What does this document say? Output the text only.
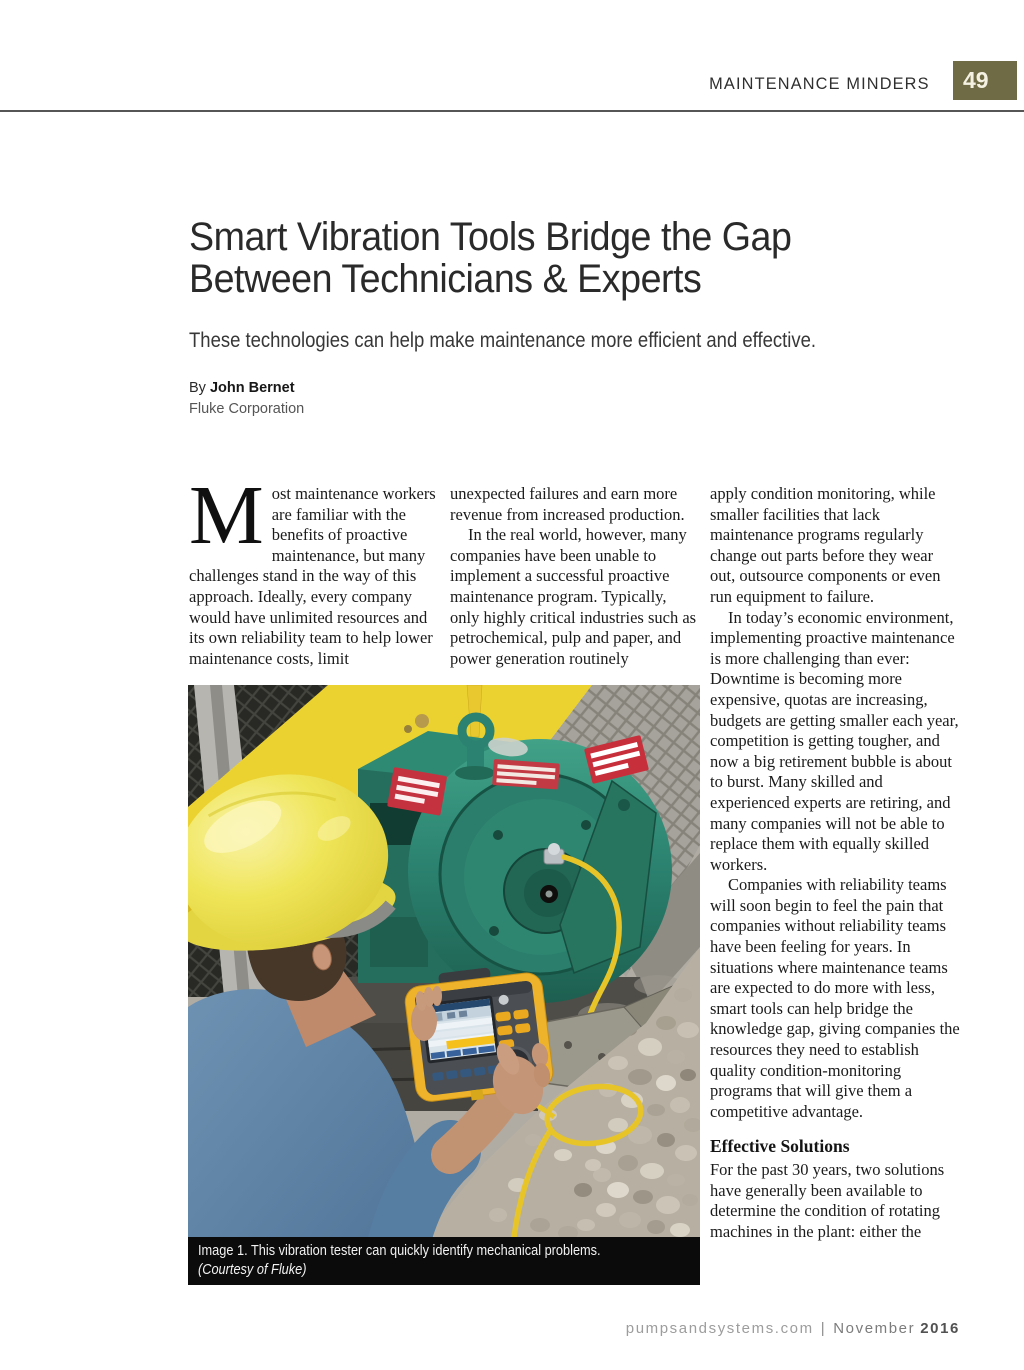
MAINTENANCE MINDERS 49
Smart Vibration Tools Bridge the Gap
Between Technicians & Experts
These technologies can help make maintenance more efficient and effective.
By John Bernet
Fluke Corporation

Most maintenance workers are familiar with the benefits of proactive maintenance, but many challenges stand in the way of this approach. Ideally, every company would have unlimited resources and its own reliability team to help lower maintenance costs, limit

unexpected failures and earn more revenue from increased production.

In the real world, however, many companies have been unable to implement a successful proactive maintenance program. Typically, only highly critical industries such as petrochemical, pulp and paper, and power generation routinely

apply condition monitoring, while smaller facilities that lack maintenance programs regularly change out parts before they wear out, outsource components or even run equipment to failure.

In today’s economic environment, implementing proactive maintenance is more challenging than ever: Downtime is becoming more expensive, quotas are increasing, budgets are getting smaller each year, competition is getting tougher, and now a big retirement bubble is about to burst. Many skilled and experienced experts are retiring, and many companies will not be able to replace them with equally skilled workers.

Companies with reliability teams will soon begin to feel the pain that companies without reliability teams have been feeling for years. In situations where maintenance teams are expected to do more with less, smart tools can help bridge the knowledge gap, giving companies the resources they need to establish quality condition-monitoring programs that will give them a competitive advantage.

Effective Solutions

For the past 30 years, two solutions have generally been available to determine the condition of rotating machines in the plant: either the

Image 1. This vibration tester can quickly identify mechanical problems.
(Courtesy of Fluke)
pumpsandsystems.com | November 2016
